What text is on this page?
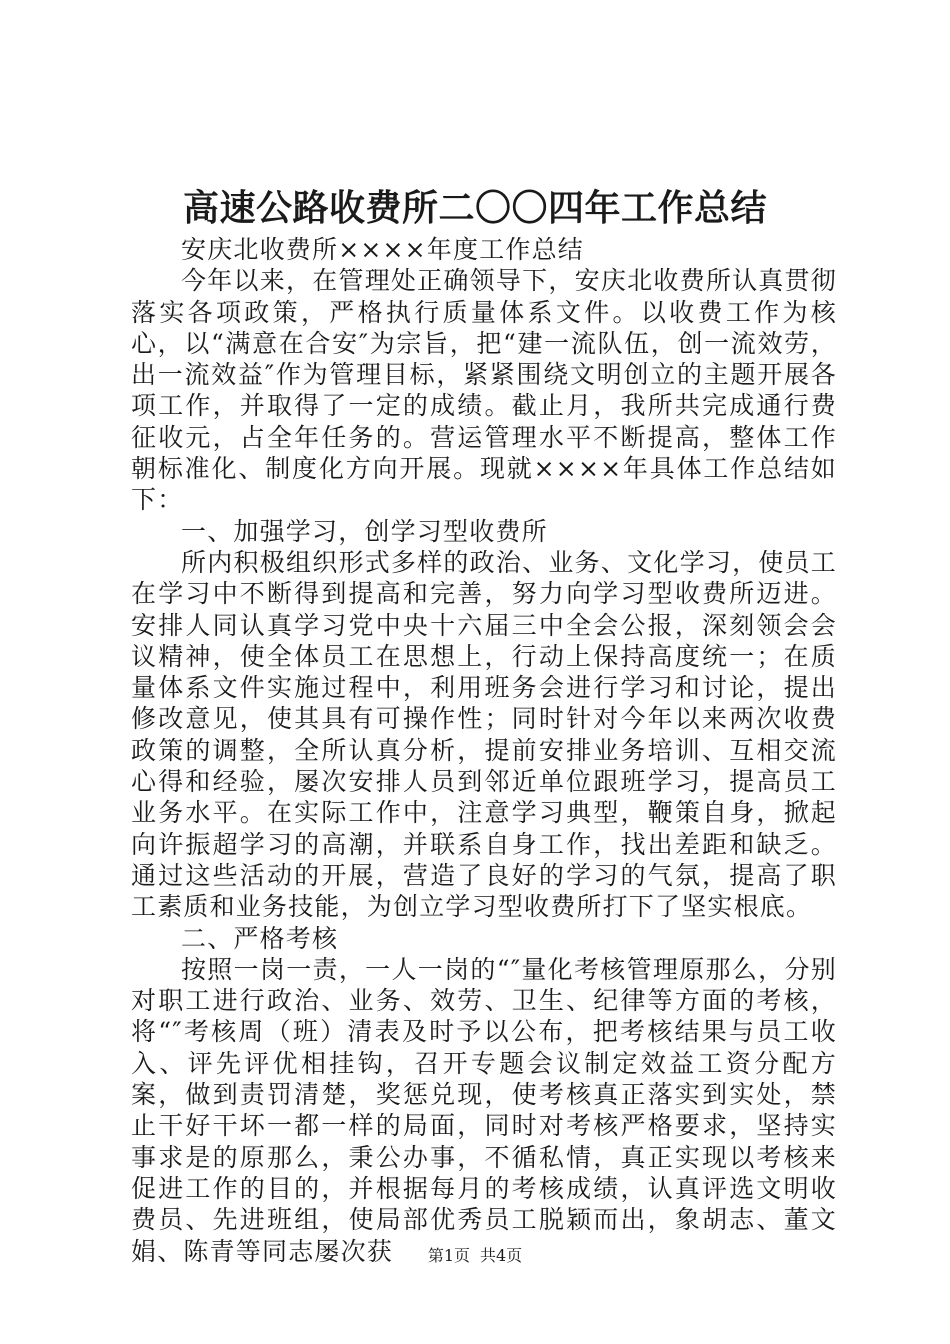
高速公路收费所二〇〇四年工作总结

安庆北收费所××××年度工作总结

今年以来，在管理处正确领导下，安庆北收费所认真贯彻落实各项政策，严格执行质量体系文件。以收费工作为核心，以“满意在合安″为宗旨，把“建一流队伍，创一流效劳，出一流效益″作为管理目标，紧紧围绕文明创立的主题开展各项工作，并取得了一定的成绩。截止月，我所共完成通行费征收元，占全年任务的。营运管理水平不断提高，整体工作朝标准化、制度化方向开展。现就××××年具体工作总结如下：

一、加强学习，创学习型收费所

所内积极组织形式多样的政治、业务、文化学习，使员工在学习中不断得到提高和完善，努力向学习型收费所迈进。安排人同认真学习党中央十六届三中全会公报，深刻领会会议精神，使全体员工在思想上，行动上保持高度统一；在质量体系文件实施过程中，利用班务会进行学习和讨论，提出修改意见，使其具有可操作性；同时针对今年以来两次收费政策的调整，全所认真分析，提前安排业务培训、互相交流心得和经验，屡次安排人员到邻近单位跟班学习，提高员工业务水平。在实际工作中，注意学习典型，鞭策自身，掀起向许振超学习的高潮，并联系自身工作，找出差距和缺乏。通过这些活动的开展，营造了良好的学习的气氛，提高了职工素质和业务技能，为创立学习型收费所打下了坚实根底。

二、严格考核

按照一岗一责，一人一岗的“″量化考核管理原那么，分别对职工进行政治、业务、效劳、卫生、纪律等方面的考核，将“″考核周（班）清表及时予以公布，把考核结果与员工收入、评先评优相挂钩，召开专题会议制定效益工资分配方案，做到责罚清楚，奖惩兑现，使考核真正落实到实处，禁止干好干坏一都一样的局面，同时对考核严格要求，坚持实事求是的原那么，秉公办事，不循私情，真正实现以考核来促进工作的目的，并根据每月的考核成绩，认真评选文明收费员、先进班组，使局部优秀员工脱颖而出，象胡志、董文娟、陈青等同志屡次获	第1页 共4页
